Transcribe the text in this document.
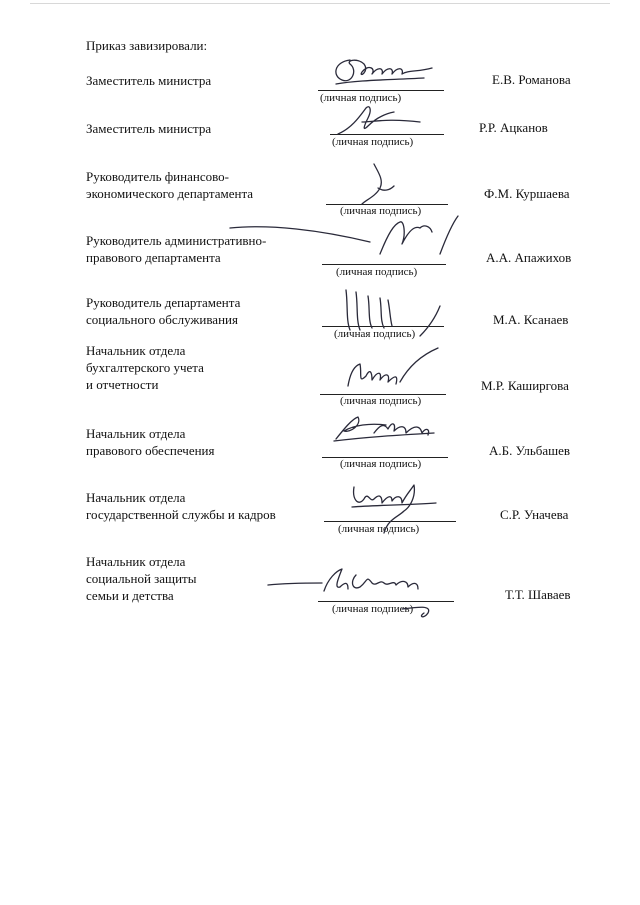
Приказ завизировали:
Заместитель министра
(личная подпись)
Е.В. Романова
Заместитель министра
(личная подпись)
Р.Р. Ацканов
Руководитель финансово-
экономического департамента
(личная подпись)
Ф.М. Куршаева
Руководитель административно-
правового департамента
(личная подпись)
А.А. Апажихов
Руководитель департамента
социального обслуживания
(личная подпись)
М.А. Ксанаев
Начальник отдела
бухгалтерского учета
и отчетности
(личная подпись)
М.Р. Каширгова
Начальник отдела
правового обеспечения
(личная подпись)
А.Б. Ульбашев
Начальник отдела
государственной службы и кадров
(личная подпись)
С.Р. Уначева
Начальник отдела
социальной защиты
семьи и детства
(личная подпись)
Т.Т. Шаваев
